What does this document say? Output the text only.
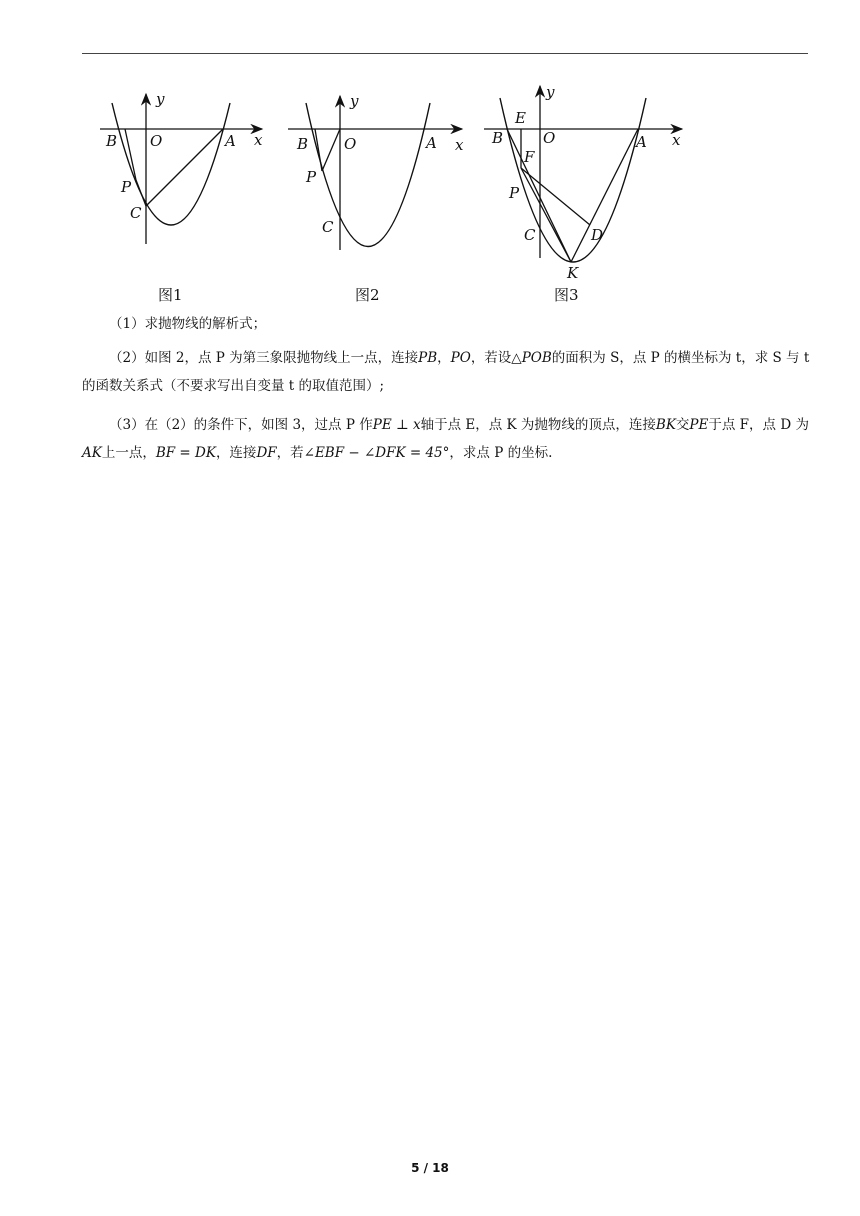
B O	A x
y
P
C
B O	A x
y
P
C
E
B	O	A x
y
F
P
C	D
K
图1	图2	图3

（1）求抛物线的解析式；

（2）如图 2，点 P 为第三象限抛物线上一点，连接PB，PO，若设△POB的面积为 S，点 P 的横坐标为 t，求 S 与 t 的函数关系式（不要求写出自变量 t 的取值范围）;

（3）在（2）的条件下，如图 3，过点 P 作PE ⊥ x轴于点 E，点 K 为抛物线的顶点，连接BK交PE于点 F，点 D 为AK上一点，BF = DK，连接DF，若∠EBF − ∠DFK = 45°，求点 P 的坐标.

5 / 18
